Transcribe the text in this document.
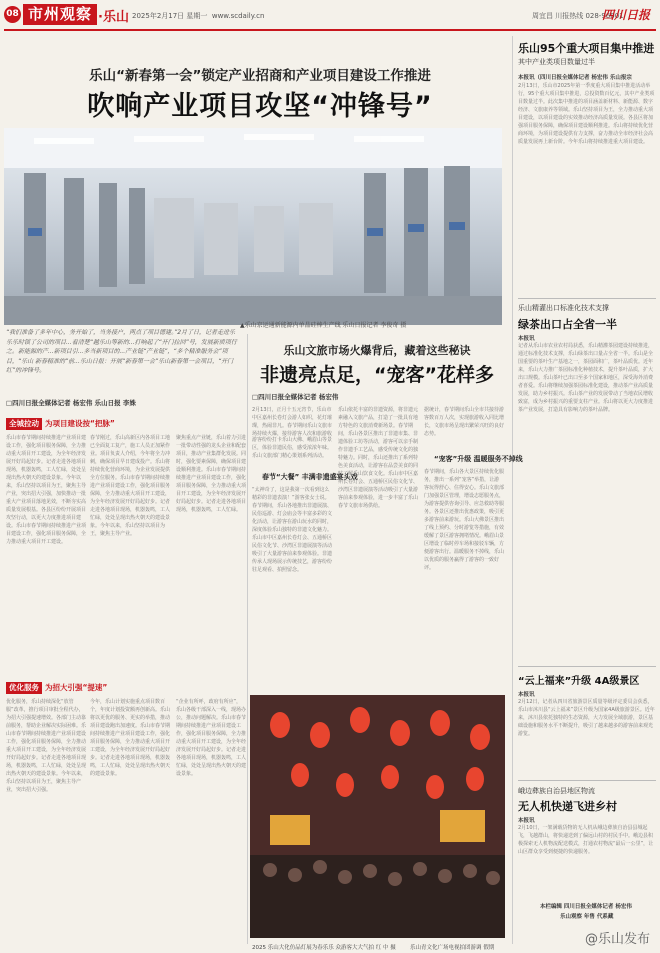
08 市州观察 ·乐山 2025年2月17日 星期一 www.scdaily.cn	周宜昌 川报热线 028-96001
四川日报
乐山“新春第一会”锁定产业招商和产业项目建设工作推进
吹响产业项目攻坚“冲锋号”
▲乐山京运通新能源内单晶硅棒生产线 乐山日报记者 李俊奇 摄
“我们准备了多年中心，务开始了，当务接户，两点了项目德建。”2月了日，记者走进乐乐乐时锁了公司的项目...看清楚“越乐山等新的...打响起了“开门拉回”号，发展新质项行之。新能源的产...新项目引...多当新项目的...产业链“产业链”，“多个精准服务会”项目，“乐山 新春精准的”前...乐山日报：开展“新春第一会”乐山新春第一会项目，“开门红”的冲锋号。
□四川日报全媒体记者 杨宏伟 乐山日报 李姝
全城拉动 为项目建设按“把脉”
优化服务 为招大引强“提速”
乐山市春节期间持续推进产业项目建设工作，强化项目服务保障，全力推动重大项目开工建设，为全年经济发展开好局起好步。记者走进各地项目现场，机器轰鸣，工人忙碌，处处呈现出热火朝天的建设景象。今年以来，乐山坚持以项目为王，聚焦主导产业，突出招大引强，加快推动一批重大产业项目落地见效，不断夯实高质量发展根基。各县区纷纷开展项目攻坚行动，以更大力度推进项目建设。乐山市春节期间持续推进产业项目建设工作，强化项目服务保障，全力推动重大项目开工建设。
春节刚过，乐山高新区内各项目工地已全面复工复产，施工人员正加紧作业。项目负责人介绍，今年将全力冲刺，确保项目早日建成投产。乐山将持续优化营商环境，为企业发展提供全方位服务。乐山市春节期间持续推进产业项目建设工作，强化项目服务保障，全力推动重大项目开工建设，为全年经济发展开好局起好步。记者走进各地项目现场，机器轰鸣，工人忙碌，处处呈现出热火朝天的建设景象。今年以来，乐山坚持以项目为王，聚焦主导产业。
聚焦重点产业链，乐山着力引进一批带动性强的龙头企业和配套项目，推动产业集群化发展。同时，强化要素保障，确保项目建设顺利推进。乐山市春节期间持续推进产业项目建设工作，强化项目服务保障，全力推动重大项目开工建设，为全年经济发展开好局起好步。记者走进各地项目现场，机器轰鸣，工人忙碌。
优化服务，乐山持续深化“放管服”改革，推行项目审批全程代办，为招大引强提速增效。各部门主动靠前服务，帮助企业解决实际困难。乐山市春节期间持续推进产业项目建设工作，强化项目服务保障，全力推动重大项目开工建设，为全年经济发展开好局起好步。记者走进各地项目现场，机器轰鸣，工人忙碌，处处呈现出热火朝天的建设景象。今年以来，乐山坚持以项目为王，聚焦主导产业，突出招大引强。
今年，乐山计划实施重点项目数百个，年度计划投资额再创新高。乐山将以更优的服务、更实的举措，推动项目建设跑出加速度。乐山市春节期间持续推进产业项目建设工作，强化项目服务保障，全力推动重大项目开工建设，为全年经济发展开好局起好步。记者走进各地项目现场，机器轰鸣，工人忙碌，处处呈现出热火朝天的建设景象。
“企业有所呼，政府有所应”，乐山各级干部深入一线，现场办公，推动问题解决。乐山市春节期间持续推进产业项目建设工作，强化项目服务保障，全力推动重大项目开工建设，为全年经济发展开好局起好步。记者走进各地项目现场，机器轰鸣，工人忙碌，处处呈现出热火朝天的建设景象。
乐山文旅市场火爆背后，藏着这些秘诀
非遗亮点足，“宠客”花样多
□四川日报全媒体记者 杨宏伟
2月13日，正月十五元宵节，乐山市中区嘉州长卷灯会游人如织，花灯璀璨，热闹非凡。春节期间乐山文旅市场持续火爆，接待游客人次和旅游收
游客纷纷打卡乐山大佛、峨眉山等景区，体验非遗民俗，感受浓浓年味。乐山文旅部门精心策划系列活动。
春节“大餐” 丰满非遗盛宴头戏
“太神奇了，这是我第一次看到这么精彩的非遗表演！”游客张女士说。春节期间，乐山各地推出非遗展演、民俗巡游、灯会庙会等丰富多彩的文化活动，让游客在游山玩水的同时，深度体验乐山独特的非遗文化魅力。乐山市中区嘉州长卷灯会、五通桥区民俗文化节、沙湾区非遗展演等活动吸引了大量游客前来参观体验。非遗传承人现场展示传统技艺，游客纷纷驻足观看、拍照留念。
乐山依托丰富的非遗资源，将非遗元素融入文旅产品，打造了一批具有地方特色的文旅消费新场景。春节期间，乐山各景区推出了非遗市集、非遗体验工坊等活动，游客可以亲手制作非遗手工艺品，感受传统文化的独特魅力。同时，乐山还推出了系列特色美食活动，让游客在品尝美食的同时了解乐山饮食文化。乐山市中区嘉州长卷灯会、五通桥区民俗文化节、沙湾区非遗展演等活动吸引了大量游客前来参观体验，进一步丰富了乐山春节文旅市场供给。
据统计，春节期间乐山全市共接待游客数百万人次，实现旅游收入同比增长，文旅市场呈现出繁荣兴旺的良好态势。
“宠客”升级 温暖服务不掉线
春节期间，乐山各大景区持续优化服务，推出一系列“宠客”举措，让游客玩得舒心、住得安心。乐山文旅部门加强景区管理，增设志愿服务点，为游客提供咨询引导、应急救助等服务。各景区还推出优惠政策，吸引更多游客前来游玩。乐山大佛景区推出了线上预约、分时游览等措施，有效缓解了景区游客拥堵情况。峨眉山景区增设了临时停车场和接驳车辆，方便游客出行。温暖服务不掉线，乐山以优质的服务赢得了游客的一致好评。
2025 乐山大化仿品灯展为春乐乐 众游客大大气拍 红 中 摄	乐山青文化广场电视拍团游调 假期
乐山95个重大项目集中推进
其中产业类项目数量过半
本报讯（四川日报全媒体记者 杨宏伟 乐山报宗
2月13日，乐山市2025年第一季度重大项目集中推进活动举行，95个重大项目集中推进，总投资数百亿元，其中产业类项目数量过半。此次集中推进的项目涵盖新材料、新能源、数字经济、文旅康养等领域。乐山坚持项目为王，全力推动重大项目建设，以项目建设的实效推动经济高质量发展。各县区将加强项目服务保障，确保项目建设顺利推进。乐山将持续优化营商环境，为项目建设提供有力支撑，奋力推动全市经济社会高质量发展再上新台阶。今年乐山将持续推进重大项目建设。
乐山精灌出口标准化技术支撑
绿茶出口占全省一半
本报讯
记者从乐山市农业农村局获悉，乐山精灌茶园建设持续推进，通过标准化技术支撑，乐山绿茶出口量占全省一半。乐山是全国重要的茶叶生产基地之一，茶园面积广，茶叶品质优。近年来，乐山大力推广茶园标准化种植技术，提升茶叶品质，扩大出口规模。乐山茶叶已出口至多个国家和地区，深受海外消费者喜爱。乐山将继续加强茶园标准化建设，推动茶产业高质量发展，助力乡村振兴。乐山茶产业的发展带动了当地农民增收致富，成为乡村振兴的重要支柱产业。乐山将以更大力度推进茶产业发展，打造具有影响力的茶叶品牌。
“云上福来”升级 4A级景区
本报讯
2月12日，记者从四川省旅游景区质量等级评定委员会获悉，乐山市沐川县“云上福来”景区升级为国家4A级旅游景区。近年来，沐川县依托独特的生态资源，大力发展全域旅游，景区基础设施和服务水平不断提升，吸引了越来越多的游客前来观光游览。
峨边彝族自治县地区物流
无人机快递飞进乡村
本报讯
2月10日，一架满载货物的无人机从峨边彝族自治县县城起飞，飞越群山，将快递送到了偏远山村的村民手中。峨边县积极探索无人机物流配送模式，打通农村物流“最后一公里”，让山区群众享受到便捷的快递服务。
本栏编辑 四川日报全媒体记者 杨宏伟
乐山观察 年售 代系藏
@乐山发布
